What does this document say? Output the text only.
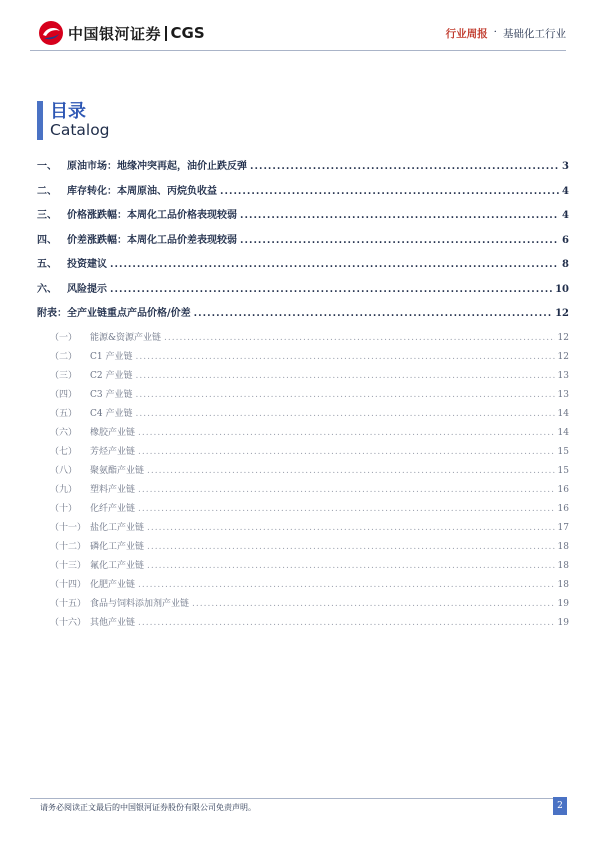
中国银河证券 CGS	行业周报 · 基础化工行业
目录
Catalog
一、	原油市场：地缘冲突再起，油价止跌反弹 .....	3
二、	库存转化：本周原油、丙烷负收益 .....	4
三、	价格涨跌幅：本周化工品价格表现较弱 .....	4
四、	价差涨跌幅：本周化工品价差表现较弱 .....	6
五、	投资建议 .....	8
六、	风险提示 .....	10
附表：全产业链重点产品价格/价差 .....	12
（一）	能源&资源产业链 .....	12
（二）	C1 产业链 .....	12
（三）	C2 产业链 .....	13
（四）	C3 产业链 .....	13
（五）	C4 产业链 .....	14
（六）	橡胶产业链 .....	14
（七）	芳烃产业链 .....	15
（八）	聚氨酯产业链 .....	15
（九）	塑料产业链 .....	16
（十）	化纤产业链 .....	16
（十一） 盐化工产业链 .....	17
（十二） 磷化工产业链 .....	18
（十三） 氟化工产业链 .....	18
（十四） 化肥产业链 .....	18
（十五） 食品与饲料添加剂产业链 .....	19
（十六） 其他产业链 .....	19
请务必阅读正文最后的中国银河证券股份有限公司免责声明。	2
